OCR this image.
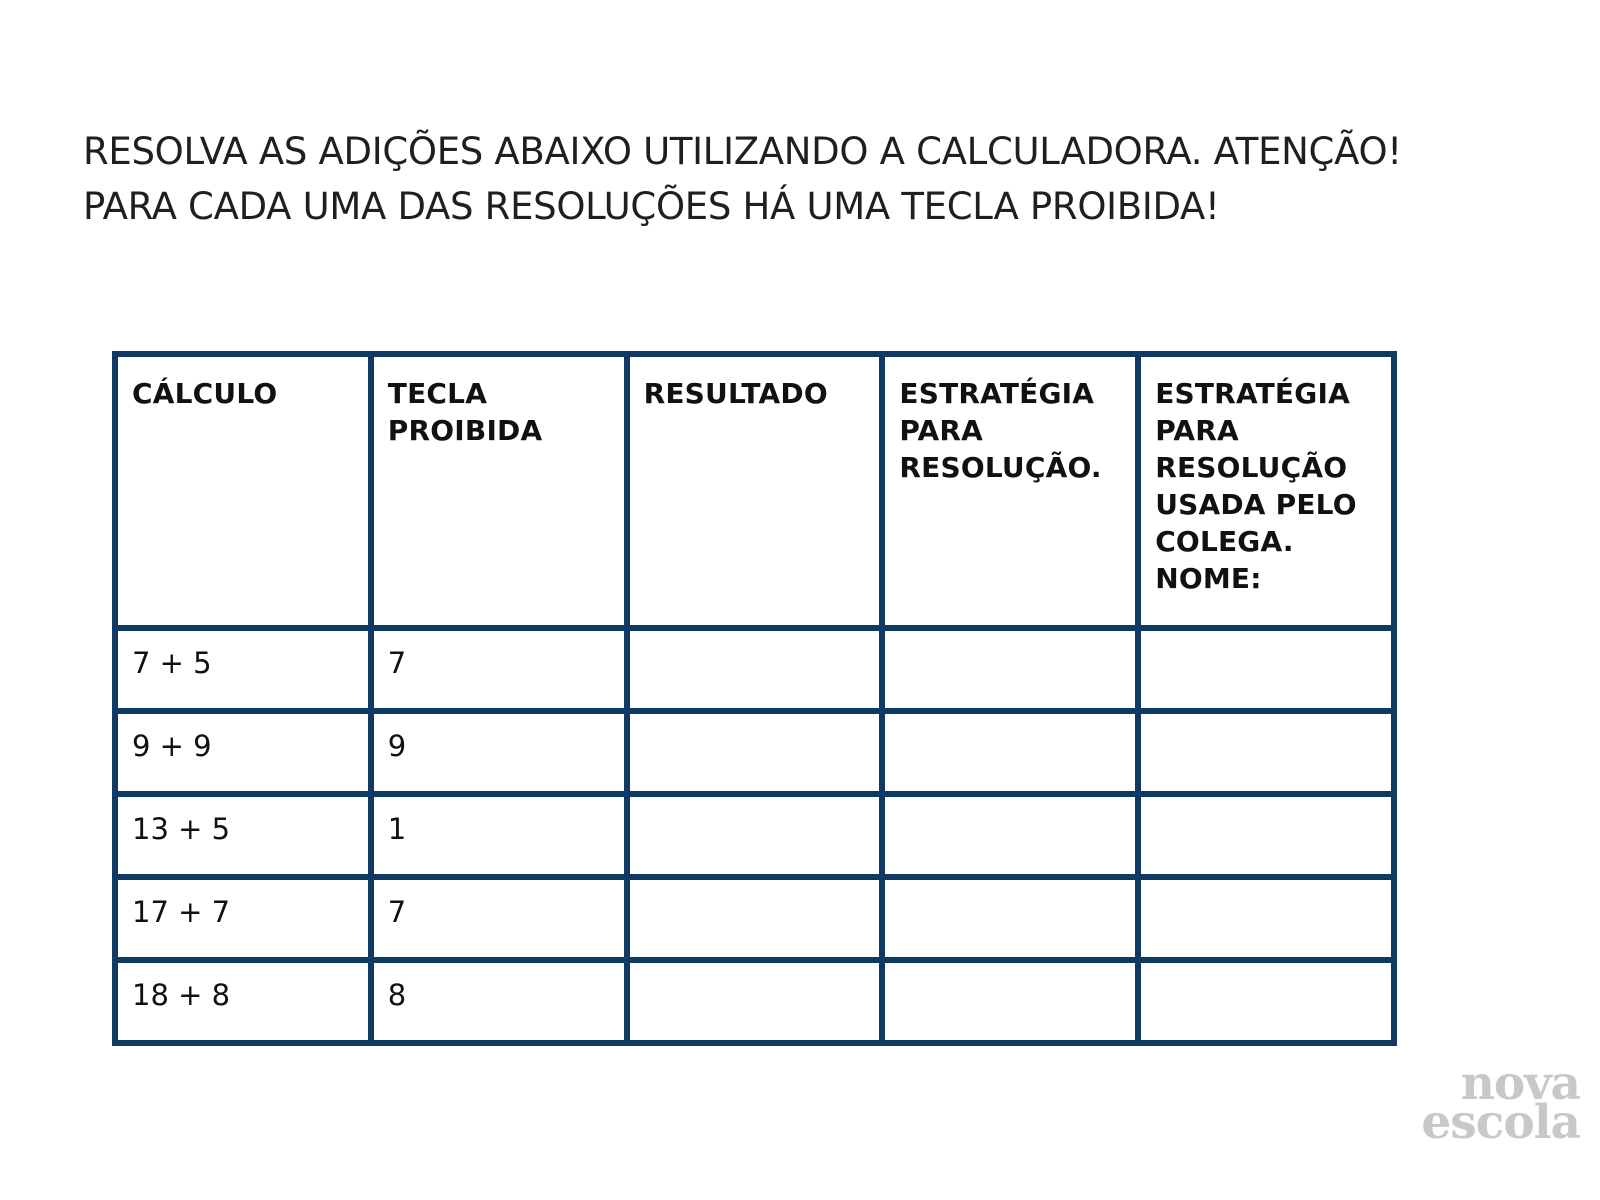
RESOLVA AS ADIÇÕES ABAIXO UTILIZANDO A CALCULADORA. ATENÇÃO!
PARA CADA UMA DAS RESOLUÇÕES HÁ UMA TECLA PROIBIDA!
CÁLCULO	TECLA PROIBIDA	RESULTADO	ESTRATÉGIA PARA RESOLUÇÃO.	ESTRATÉGIA PARA RESOLUÇÃO USADA PELO COLEGA. NOME:
7 + 5	7			
9 + 9	9			
13 + 5	1			
17 + 7	7			
18 + 8	8			
nova
escola
